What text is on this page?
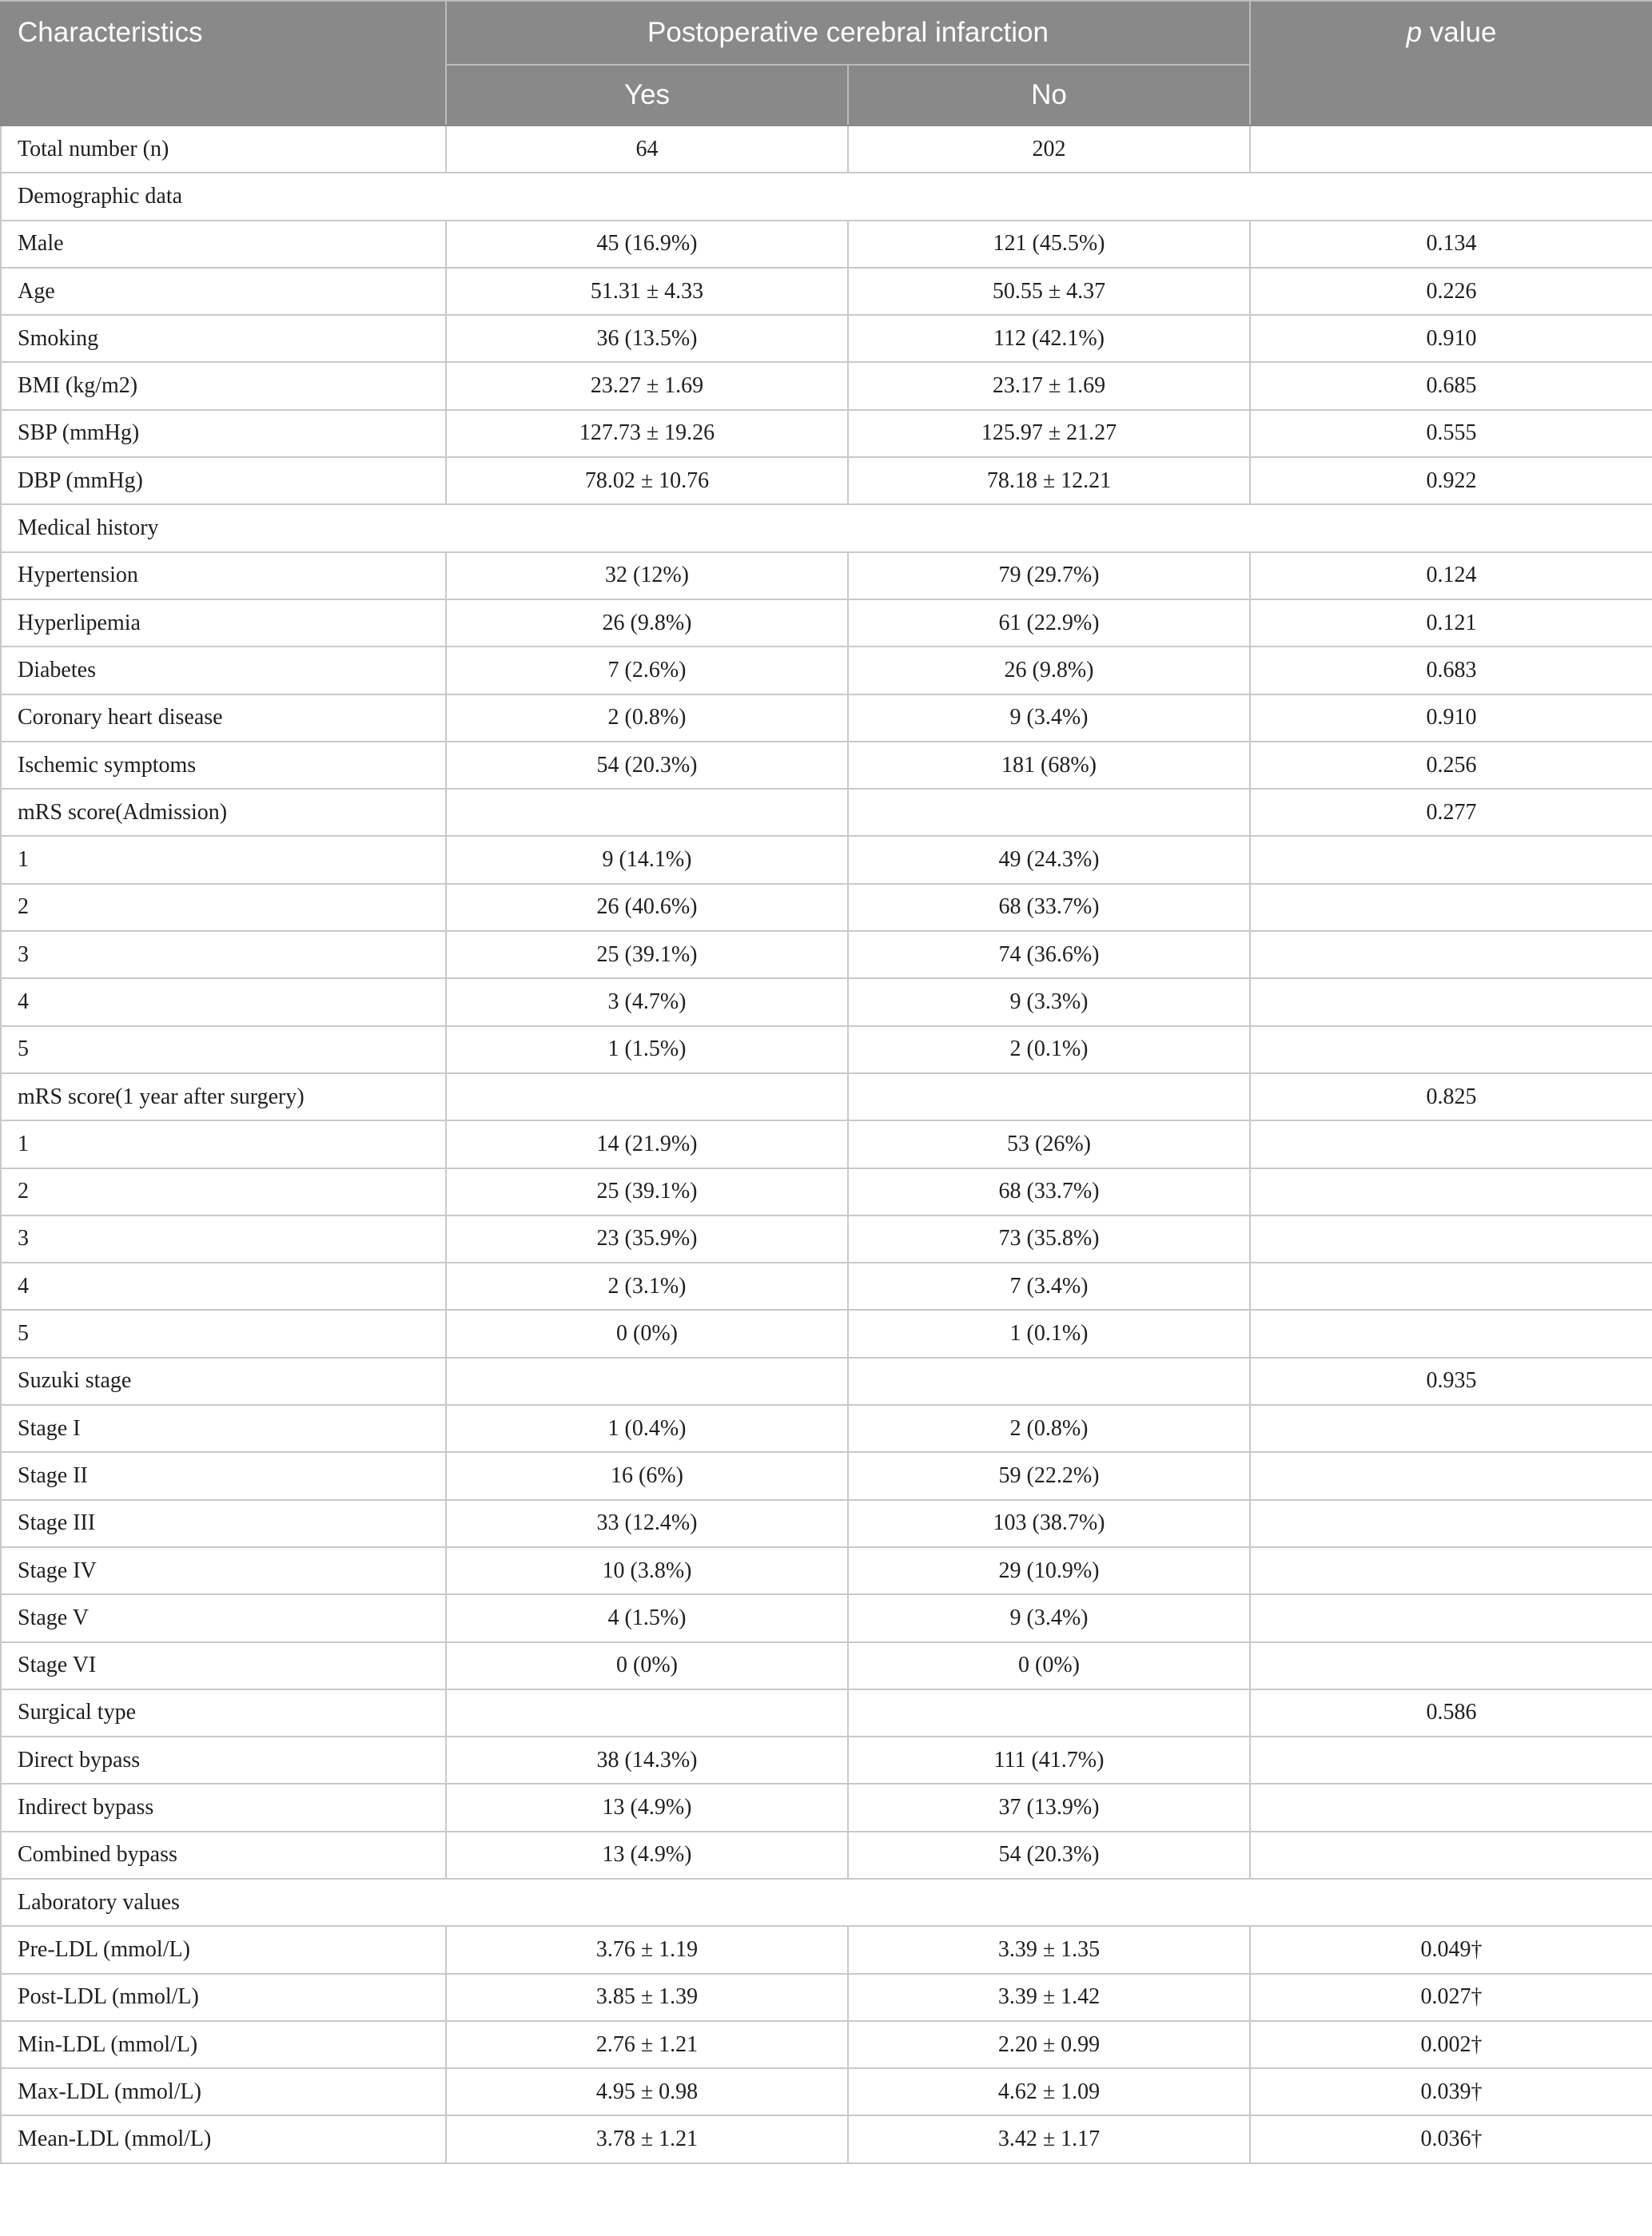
Characteristics	Postoperative cerebral infarction		p value
	Yes	No	
Total number (n)	64	202	
Demographic data			
Male	45 (16.9%)	121 (45.5%)	0.134
Age	51.31 ± 4.33	50.55 ± 4.37	0.226
Smoking	36 (13.5%)	112 (42.1%)	0.910
BMI (kg/m2)	23.27 ± 1.69	23.17 ± 1.69	0.685
SBP (mmHg)	127.73 ± 19.26	125.97 ± 21.27	0.555
DBP (mmHg)	78.02 ± 10.76	78.18 ± 12.21	0.922
Medical history			
Hypertension	32 (12%)	79 (29.7%)	0.124
Hyperlipemia	26 (9.8%)	61 (22.9%)	0.121
Diabetes	7 (2.6%)	26 (9.8%)	0.683
Coronary heart disease	2 (0.8%)	9 (3.4%)	0.910
Ischemic symptoms	54 (20.3%)	181 (68%)	0.256
mRS score(Admission)			0.277
1	9 (14.1%)	49 (24.3%)	
2	26 (40.6%)	68 (33.7%)	
3	25 (39.1%)	74 (36.6%)	
4	3 (4.7%)	9 (3.3%)	
5	1 (1.5%)	2 (0.1%)	
mRS score(1 year after surgery)			0.825
1	14 (21.9%)	53 (26%)	
2	25 (39.1%)	68 (33.7%)	
3	23 (35.9%)	73 (35.8%)	
4	2 (3.1%)	7 (3.4%)	
5	0 (0%)	1 (0.1%)	
Suzuki stage			0.935
Stage I	1 (0.4%)	2 (0.8%)	
Stage II	16 (6%)	59 (22.2%)	
Stage III	33 (12.4%)	103 (38.7%)	
Stage IV	10 (3.8%)	29 (10.9%)	
Stage V	4 (1.5%)	9 (3.4%)	
Stage VI	0 (0%)	0 (0%)	
Surgical type			0.586
Direct bypass	38 (14.3%)	111 (41.7%)	
Indirect bypass	13 (4.9%)	37 (13.9%)	
Combined bypass	13 (4.9%)	54 (20.3%)	
Laboratory values			
Pre-LDL (mmol/L)	3.76 ± 1.19	3.39 ± 1.35	0.049†
Post-LDL (mmol/L)	3.85 ± 1.39	3.39 ± 1.42	0.027†
Min-LDL (mmol/L)	2.76 ± 1.21	2.20 ± 0.99	0.002†
Max-LDL (mmol/L)	4.95 ± 0.98	4.62 ± 1.09	0.039†
Mean-LDL (mmol/L)	3.78 ± 1.21	3.42 ± 1.17	0.036†
